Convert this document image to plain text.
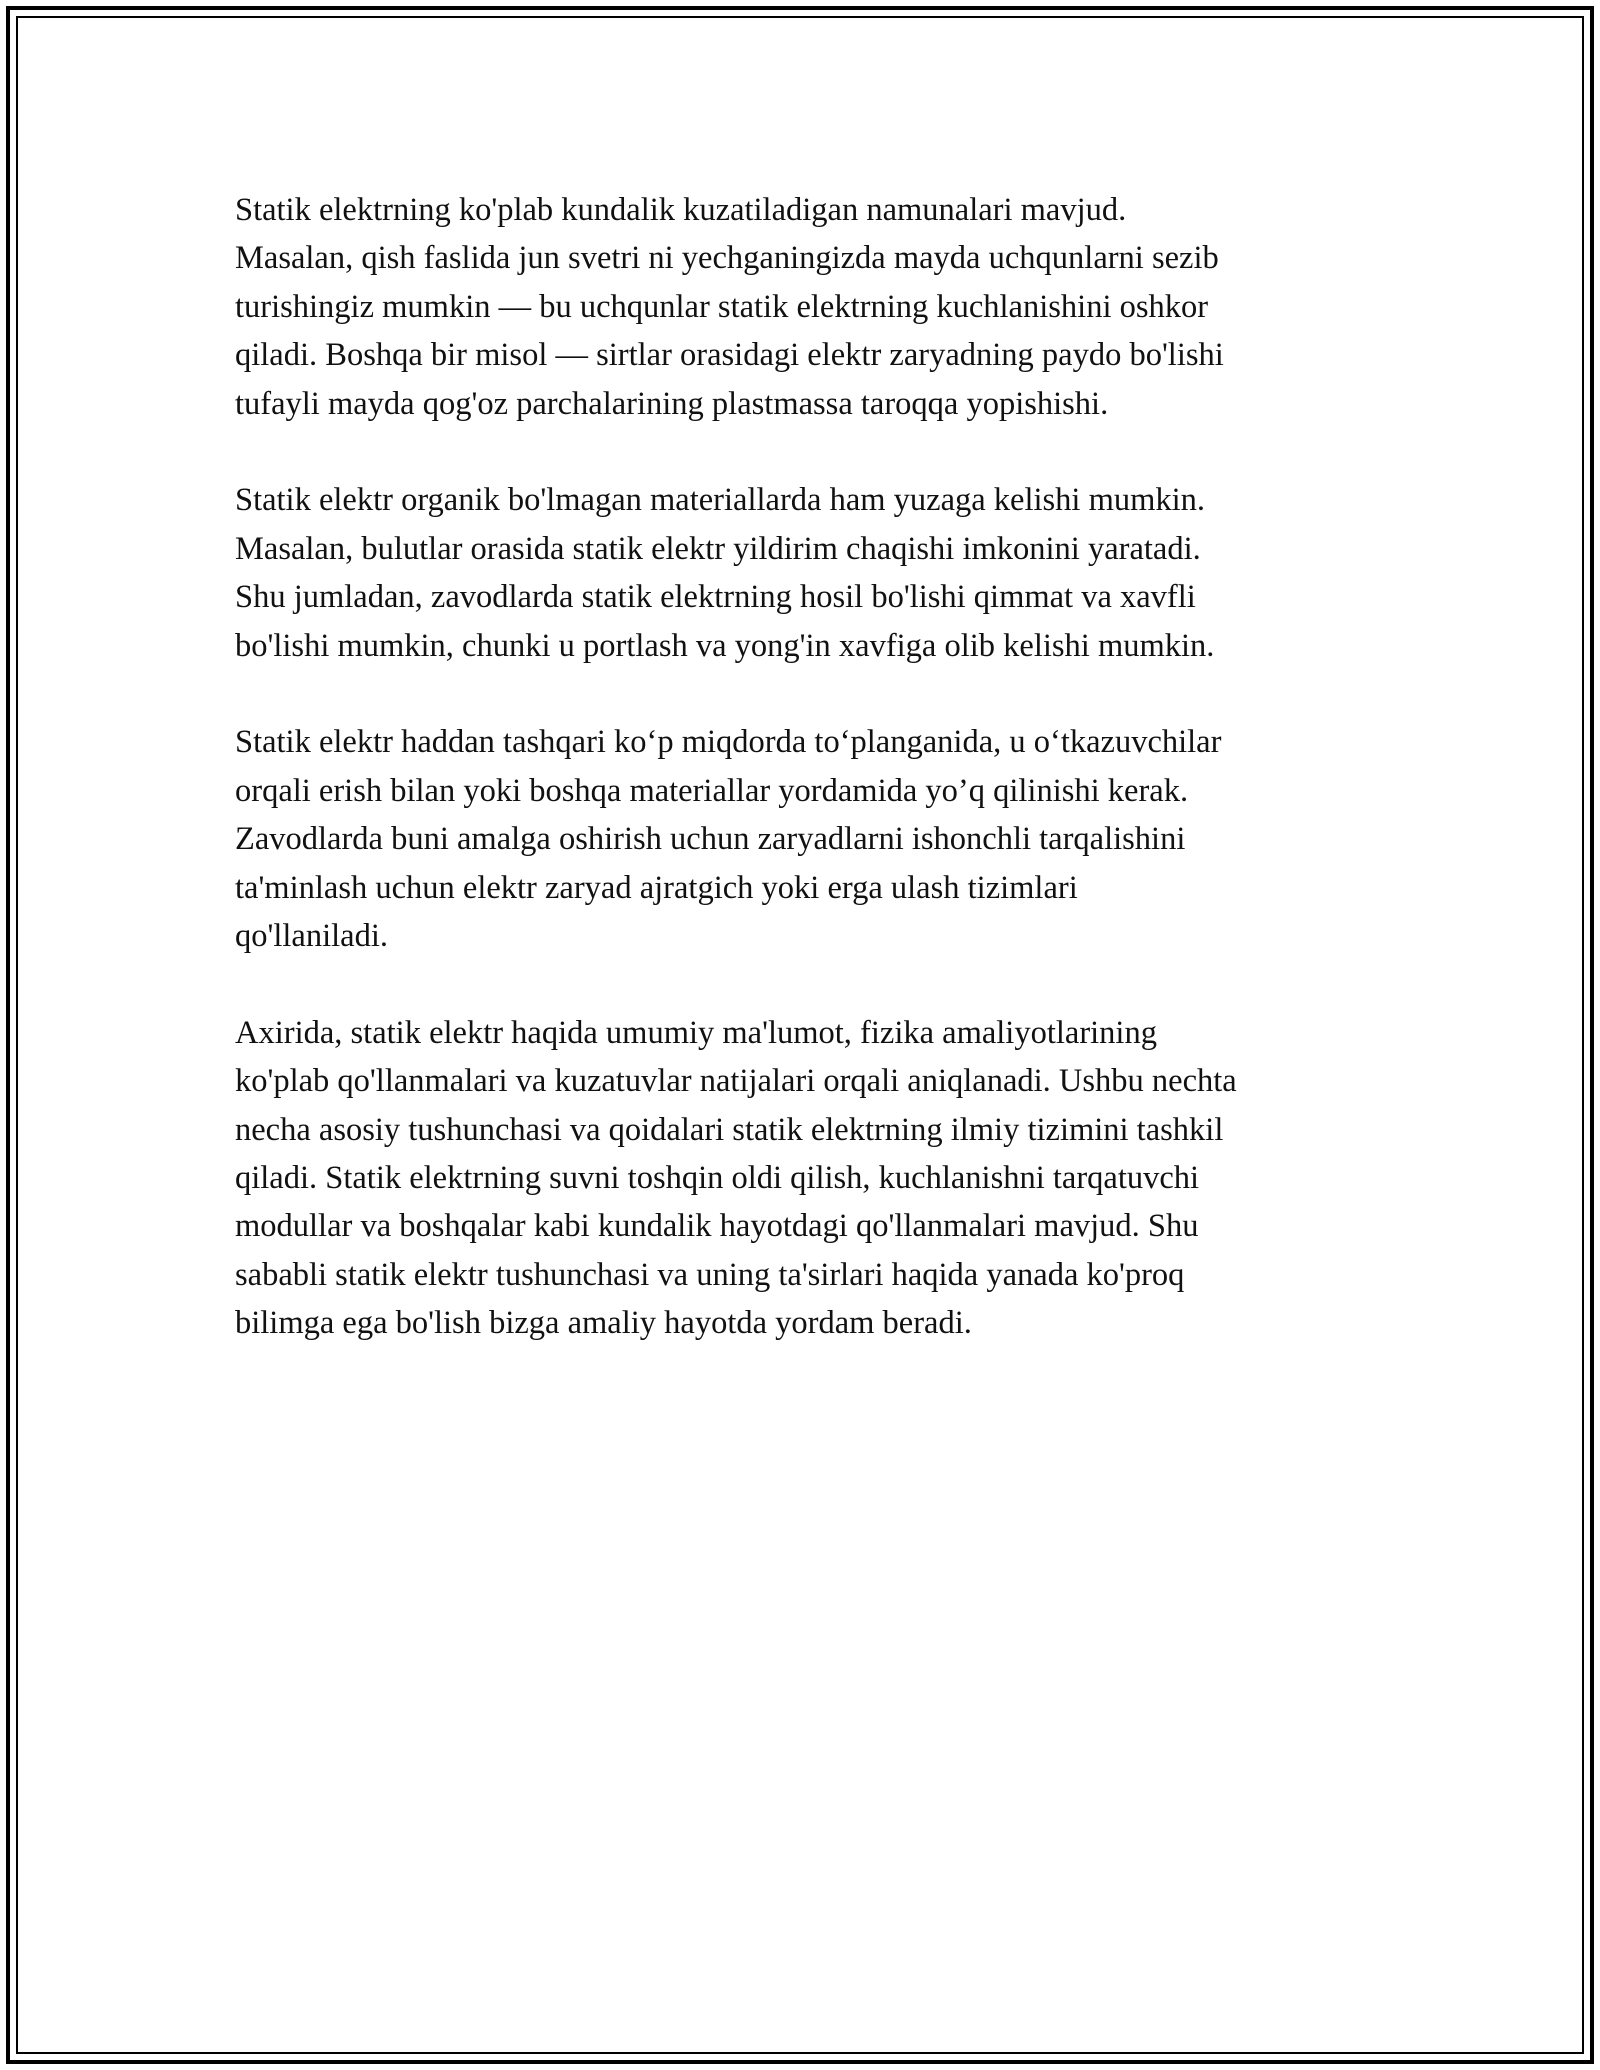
Statik elektrning ko'plab kundalik kuzatiladigan namunalari mavjud.
Masalan, qish faslida jun svetri ni yechganingizda mayda uchqunlarni sezib
turishingiz mumkin — bu uchqunlar statik elektrning kuchlanishini oshkor
qiladi. Boshqa bir misol — sirtlar orasidagi elektr zaryadning paydo bo'lishi
tufayli mayda qog'oz parchalarining plastmassa taroqqa yopishishi.

Statik elektr organik bo'lmagan materiallarda ham yuzaga kelishi mumkin.
Masalan, bulutlar orasida statik elektr yildirim chaqishi imkonini yaratadi.
Shu jumladan, zavodlarda statik elektrning hosil bo'lishi qimmat va xavfli
bo'lishi mumkin, chunki u portlash va yong'in xavfiga olib kelishi mumkin.

Statik elektr haddan tashqari ko‘p miqdorda to‘planganida, u o‘tkazuvchilar
orqali erish bilan yoki boshqa materiallar yordamida yo’q qilinishi kerak.
Zavodlarda buni amalga oshirish uchun zaryadlarni ishonchli tarqalishini
ta'minlash uchun elektr zaryad ajratgich yoki erga ulash tizimlari
qo'llaniladi.

Axirida, statik elektr haqida umumiy ma'lumot, fizika amaliyotlarining
ko'plab qo'llanmalari va kuzatuvlar natijalari orqali aniqlanadi. Ushbu nechta
necha asosiy tushunchasi va qoidalari statik elektrning ilmiy tizimini tashkil
qiladi. Statik elektrning suvni toshqin oldi qilish, kuchlanishni tarqatuvchi
modullar va boshqalar kabi kundalik hayotdagi qo'llanmalari mavjud. Shu
sababli statik elektr tushunchasi va uning ta'sirlari haqida yanada ko'proq
bilimga ega bo'lish bizga amaliy hayotda yordam beradi.
